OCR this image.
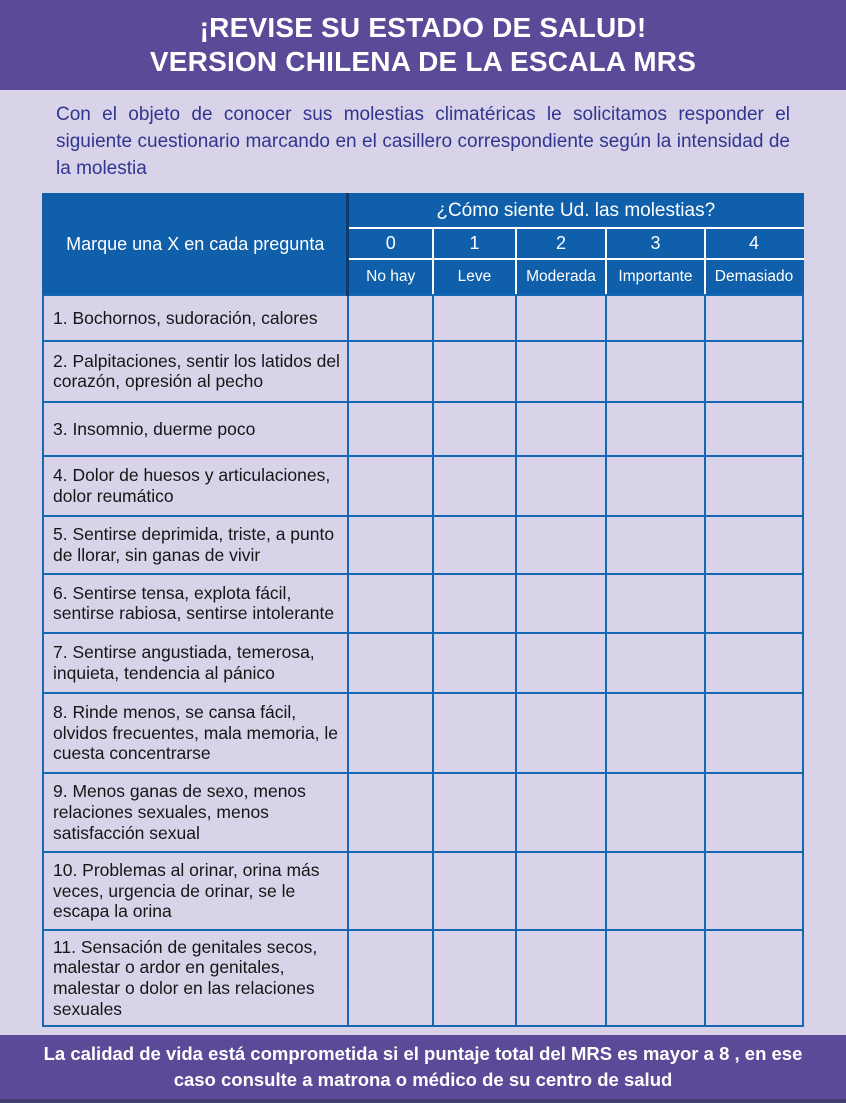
¡REVISE SU ESTADO DE SALUD!
VERSION CHILENA DE LA ESCALA MRS

Con el objeto de conocer sus molestias climatéricas le solicitamos responder el siguiente cuestionario marcando en el casillero correspondiente según la intensidad de la molestia

Marque una X en cada pregunta	¿Cómo siente Ud. las molestias?				
	0	1	2	3	4
	No hay	Leve	Moderada	Importante	Demasiado
1. Bochornos, sudoración, calores					
2. Palpitaciones, sentir los latidos del corazón, opresión al pecho					
3. Insomnio, duerme poco					
4. Dolor de huesos y articulaciones, dolor reumático					
5. Sentirse deprimida, triste, a punto de llorar, sin ganas de vivir					
6. Sentirse tensa, explota fácil, sentirse rabiosa, sentirse intolerante					
7. Sentirse angustiada, temerosa, inquieta, tendencia al pánico					
8. Rinde menos, se cansa fácil, olvidos frecuentes, mala memoria, le cuesta concentrarse					
9. Menos ganas de sexo, menos relaciones sexuales, menos satisfacción sexual					
10. Problemas al orinar, orina más veces, urgencia de orinar, se le escapa la orina					
11. Sensación de genitales secos, malestar o ardor en genitales, malestar o dolor en las relaciones sexuales					
La calidad de vida está comprometida si el puntaje total del MRS es mayor a 8 , en ese caso consulte a matrona o médico de su centro de salud
